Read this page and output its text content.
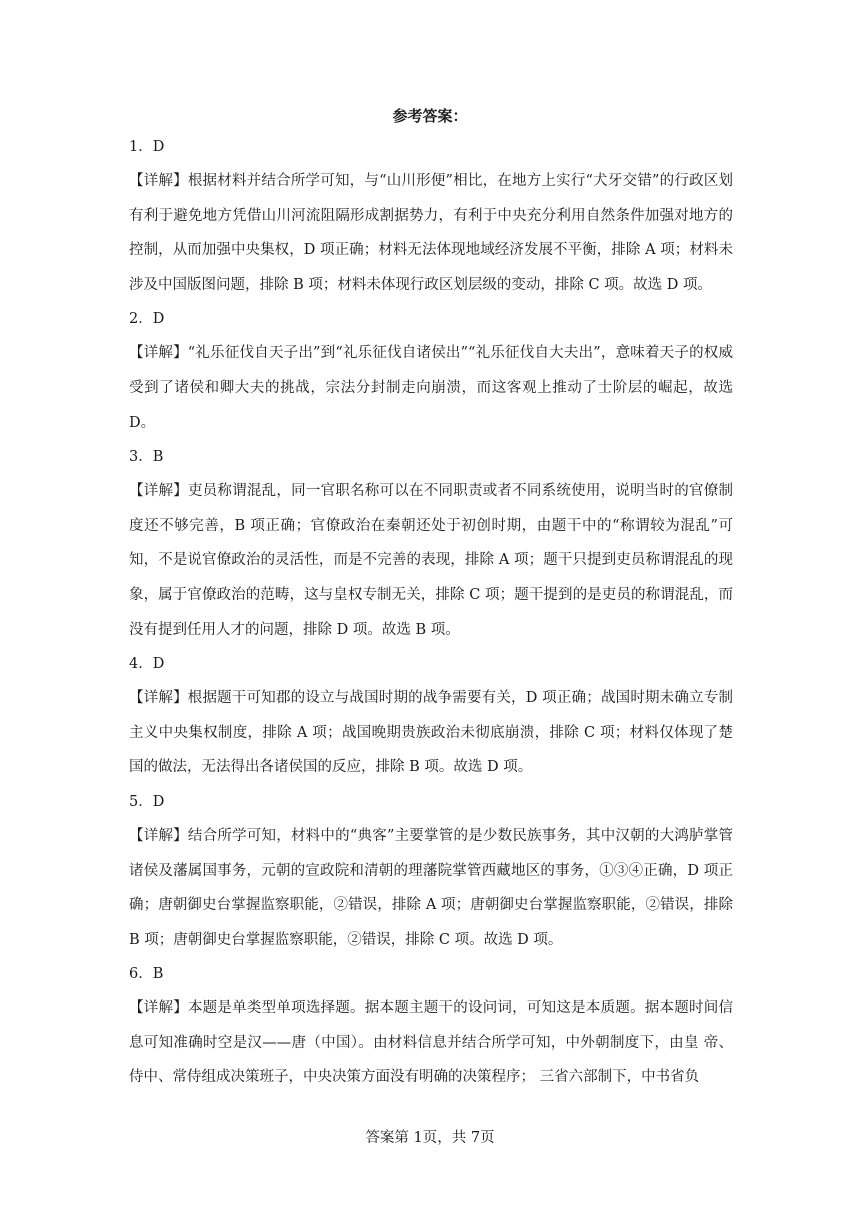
参考答案：

1．D

【详解】根据材料并结合所学可知，与“山川形便”相比，在地方上实行“犬牙交错”的行政区划有利于避免地方凭借山川河流阻隔形成割据势力，有利于中央充分利用自然条件加强对地方的控制，从而加强中央集权，D 项正确；材料无法体现地域经济发展不平衡，排除 A 项；材料未涉及中国版图问题，排除 B 项；材料未体现行政区划层级的变动，排除 C 项。故选 D 项。

2．D

【详解】“礼乐征伐自天子出”到“礼乐征伐自诸侯出”“礼乐征伐自大夫出”，意味着天子的权威受到了诸侯和卿大夫的挑战，宗法分封制走向崩溃，而这客观上推动了士阶层的崛起，故选 D。

3．B

【详解】吏员称谓混乱，同一官职名称可以在不同职责或者不同系统使用，说明当时的官僚制度还不够完善，B 项正确；官僚政治在秦朝还处于初创时期，由题干中的“称谓较为混乱”可知，不是说官僚政治的灵活性，而是不完善的表现，排除 A 项；题干只提到吏员称谓混乱的现象，属于官僚政治的范畴，这与皇权专制无关，排除 C 项；题干提到的是吏员的称谓混乱，而没有提到任用人才的问题，排除 D 项。故选 B 项。

4．D

【详解】根据题干可知郡的设立与战国时期的战争需要有关，D 项正确；战国时期未确立专制主义中央集权制度，排除 A 项；战国晚期贵族政治未彻底崩溃，排除 C 项；材料仅体现了楚国的做法，无法得出各诸侯国的反应，排除 B 项。故选 D 项。

5．D

【详解】结合所学可知，材料中的“典客”主要掌管的是少数民族事务，其中汉朝的大鸿胪掌管诸侯及藩属国事务，元朝的宣政院和清朝的理藩院掌管西藏地区的事务，①③④正确，D 项正确；唐朝御史台掌握监察职能，②错误，排除 A 项；唐朝御史台掌握监察职能，②错误，排除 B 项；唐朝御史台掌握监察职能，②错误，排除 C 项。故选 D 项。

6．B

【详解】本题是单类型单项选择题。据本题主题干的设问词，可知这是本质题。据本题时间信息可知准确时空是汉——唐（中国）。由材料信息并结合所学可知，中外朝制度下，由皇 帝、侍中、常侍组成决策班子，中央决策方面没有明确的决策程序； 三省六部制下，中书省负

答案第 1页，共 7页
